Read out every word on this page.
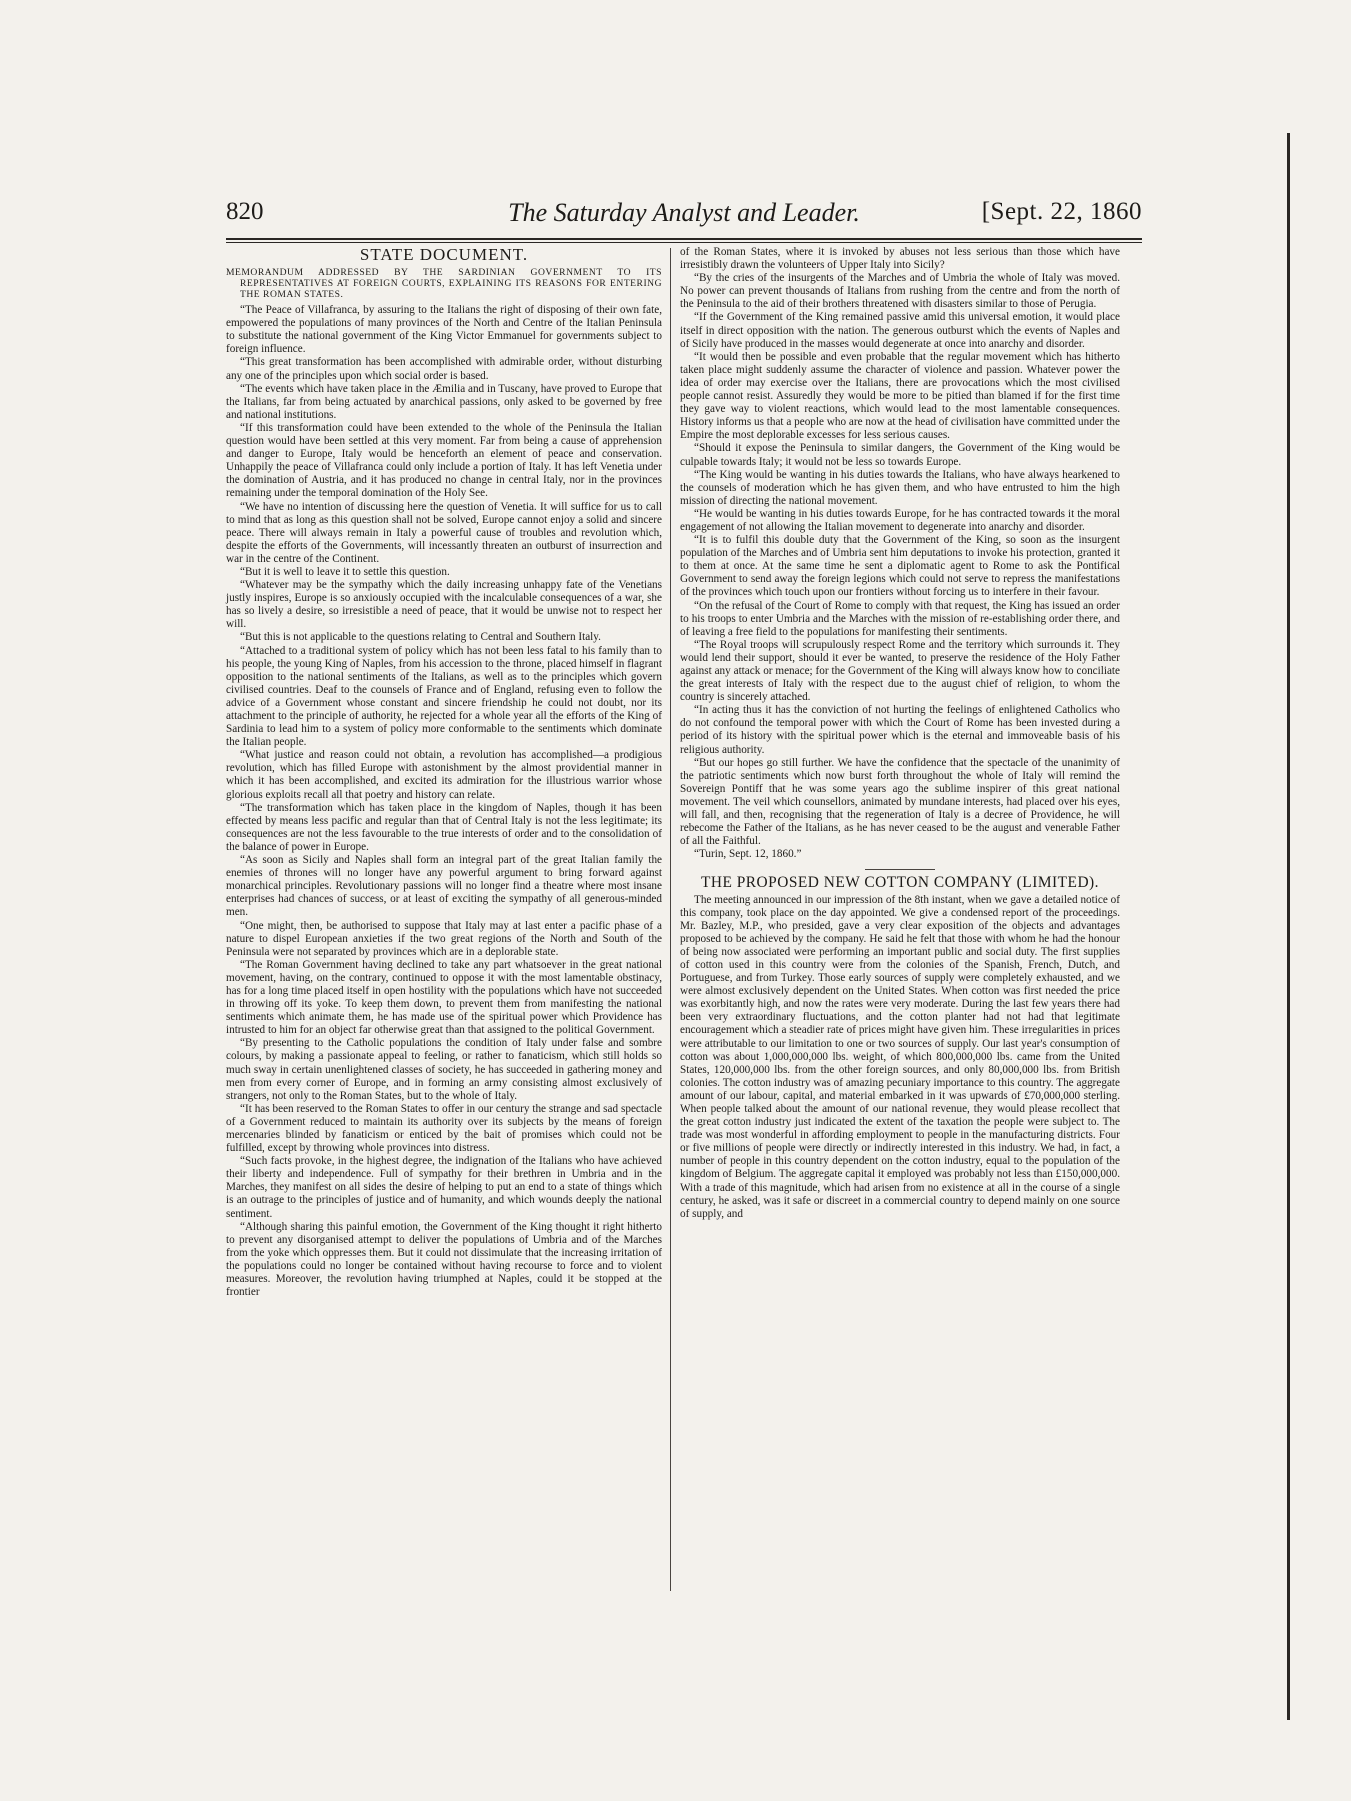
820	The Saturday Analyst and Leader.	[Sept. 22, 1860
STATE DOCUMENT.
MEMORANDUM ADDRESSED BY THE SARDINIAN GOVERNMENT TO ITS REPRESENTATIVES AT FOREIGN COURTS, EXPLAINING ITS REASONS FOR ENTERING THE ROMAN STATES.

“The Peace of Villafranca, by assuring to the Italians the right of disposing of their own fate, empowered the populations of many provinces of the North and Centre of the Italian Peninsula to substitute the national government of the King Victor Emmanuel for governments subject to foreign influence.

“This great transformation has been accomplished with admirable order, without disturbing any one of the principles upon which social order is based.

“The events which have taken place in the Æmilia and in Tuscany, have proved to Europe that the Italians, far from being actuated by anarchical passions, only asked to be governed by free and national institutions.

“If this transformation could have been extended to the whole of the Peninsula the Italian question would have been settled at this very moment. Far from being a cause of apprehension and danger to Europe, Italy would be henceforth an element of peace and conservation. Unhappily the peace of Villafranca could only include a portion of Italy. It has left Venetia under the domination of Austria, and it has produced no change in central Italy, nor in the provinces remaining under the temporal domination of the Holy See.

“We have no intention of discussing here the question of Venetia. It will suffice for us to call to mind that as long as this question shall not be solved, Europe cannot enjoy a solid and sincere peace. There will always remain in Italy a powerful cause of troubles and revolution which, despite the efforts of the Governments, will incessantly threaten an outburst of insurrection and war in the centre of the Continent.

“But it is well to leave it to settle this question.

“Whatever may be the sympathy which the daily increasing unhappy fate of the Venetians justly inspires, Europe is so anxiously occupied with the incalculable consequences of a war, she has so lively a desire, so irresistible a need of peace, that it would be unwise not to respect her will.

“But this is not applicable to the questions relating to Central and Southern Italy.

“Attached to a traditional system of policy which has not been less fatal to his family than to his people, the young King of Naples, from his accession to the throne, placed himself in flagrant opposition to the national sentiments of the Italians, as well as to the principles which govern civilised countries. Deaf to the counsels of France and of England, refusing even to follow the advice of a Government whose constant and sincere friendship he could not doubt, nor its attachment to the principle of authority, he rejected for a whole year all the efforts of the King of Sardinia to lead him to a system of policy more conformable to the sentiments which dominate the Italian people.

“What justice and reason could not obtain, a revolution has accomplished—a prodigious revolution, which has filled Europe with astonishment by the almost providential manner in which it has been accomplished, and excited its admiration for the illustrious warrior whose glorious exploits recall all that poetry and history can relate.

“The transformation which has taken place in the kingdom of Naples, though it has been effected by means less pacific and regular than that of Central Italy is not the less legitimate; its consequences are not the less favourable to the true interests of order and to the consolidation of the balance of power in Europe.

“As soon as Sicily and Naples shall form an integral part of the great Italian family the enemies of thrones will no longer have any powerful argument to bring forward against monarchical principles. Revolutionary passions will no longer find a theatre where most insane enterprises had chances of success, or at least of exciting the sympathy of all generous-minded men.

“One might, then, be authorised to suppose that Italy may at last enter a pacific phase of a nature to dispel European anxieties if the two great regions of the North and South of the Peninsula were not separated by provinces which are in a deplorable state.

“The Roman Government having declined to take any part whatsoever in the great national movement, having, on the contrary, continued to oppose it with the most lamentable obstinacy, has for a long time placed itself in open hostility with the populations which have not succeeded in throwing off its yoke. To keep them down, to prevent them from manifesting the national sentiments which animate them, he has made use of the spiritual power which Providence has intrusted to him for an object far otherwise great than that assigned to the political Government.

“By presenting to the Catholic populations the condition of Italy under false and sombre colours, by making a passionate appeal to feeling, or rather to fanaticism, which still holds so much sway in certain unenlightened classes of society, he has succeeded in gathering money and men from every corner of Europe, and in forming an army consisting almost exclusively of strangers, not only to the Roman States, but to the whole of Italy.

“It has been reserved to the Roman States to offer in our century the strange and sad spectacle of a Government reduced to maintain its authority over its subjects by the means of foreign mercenaries blinded by fanaticism or enticed by the bait of promises which could not be fulfilled, except by throwing whole provinces into distress.

“Such facts provoke, in the highest degree, the indignation of the Italians who have achieved their liberty and independence. Full of sympathy for their brethren in Umbria and in the Marches, they manifest on all sides the desire of helping to put an end to a state of things which is an outrage to the principles of justice and of humanity, and which wounds deeply the national sentiment.

“Although sharing this painful emotion, the Government of the King thought it right hitherto to prevent any disorganised attempt to deliver the populations of Umbria and of the Marches from the yoke which oppresses them. But it could not dissimulate that the increasing irritation of the populations could no longer be contained without having recourse to force and to violent measures. Moreover, the revolution having triumphed at Naples, could it be stopped at the frontier

of the Roman States, where it is invoked by abuses not less serious than those which have irresistibly drawn the volunteers of Upper Italy into Sicily?

“By the cries of the insurgents of the Marches and of Umbria the whole of Italy was moved. No power can prevent thousands of Italians from rushing from the centre and from the north of the Peninsula to the aid of their brothers threatened with disasters similar to those of Perugia.

“If the Government of the King remained passive amid this universal emotion, it would place itself in direct opposition with the nation. The generous outburst which the events of Naples and of Sicily have produced in the masses would degenerate at once into anarchy and disorder.

“It would then be possible and even probable that the regular movement which has hitherto taken place might suddenly assume the character of violence and passion. Whatever power the idea of order may exercise over the Italians, there are provocations which the most civilised people cannot resist. Assuredly they would be more to be pitied than blamed if for the first time they gave way to violent reactions, which would lead to the most lamentable consequences. History informs us that a people who are now at the head of civilisation have committed under the Empire the most deplorable excesses for less serious causes.

“Should it expose the Peninsula to similar dangers, the Government of the King would be culpable towards Italy; it would not be less so towards Europe.

“The King would be wanting in his duties towards the Italians, who have always hearkened to the counsels of moderation which he has given them, and who have entrusted to him the high mission of directing the national movement.

“He would be wanting in his duties towards Europe, for he has contracted towards it the moral engagement of not allowing the Italian movement to degenerate into anarchy and disorder.

“It is to fulfil this double duty that the Government of the King, so soon as the insurgent population of the Marches and of Umbria sent him deputations to invoke his protection, granted it to them at once. At the same time he sent a diplomatic agent to Rome to ask the Pontifical Government to send away the foreign legions which could not serve to repress the manifestations of the provinces which touch upon our frontiers without forcing us to interfere in their favour.

“On the refusal of the Court of Rome to comply with that request, the King has issued an order to his troops to enter Umbria and the Marches with the mission of re-establishing order there, and of leaving a free field to the populations for manifesting their sentiments.

“The Royal troops will scrupulously respect Rome and the territory which surrounds it. They would lend their support, should it ever be wanted, to preserve the residence of the Holy Father against any attack or menace; for the Government of the King will always know how to conciliate the great interests of Italy with the respect due to the august chief of religion, to whom the country is sincerely attached.

“In acting thus it has the conviction of not hurting the feelings of enlightened Catholics who do not confound the temporal power with which the Court of Rome has been invested during a period of its history with the spiritual power which is the eternal and immoveable basis of his religious authority.

“But our hopes go still further. We have the confidence that the spectacle of the unanimity of the patriotic sentiments which now burst forth throughout the whole of Italy will remind the Sovereign Pontiff that he was some years ago the sublime inspirer of this great national movement. The veil which counsellors, animated by mundane interests, had placed over his eyes, will fall, and then, recognising that the regeneration of Italy is a decree of Providence, he will rebecome the Father of the Italians, as he has never ceased to be the august and venerable Father of all the Faithful.

“Turin, Sept. 12, 1860.”

THE PROPOSED NEW COTTON COMPANY (LIMITED).

The meeting announced in our impression of the 8th instant, when we gave a detailed notice of this company, took place on the day appointed. We give a condensed report of the proceedings. Mr. Bazley, M.P., who presided, gave a very clear exposition of the objects and advantages proposed to be achieved by the company. He said he felt that those with whom he had the honour of being now associated were performing an important public and social duty. The first supplies of cotton used in this country were from the colonies of the Spanish, French, Dutch, and Portuguese, and from Turkey. Those early sources of supply were completely exhausted, and we were almost exclusively dependent on the United States. When cotton was first needed the price was exorbitantly high, and now the rates were very moderate. During the last few years there had been very extraordinary fluctuations, and the cotton planter had not had that legitimate encouragement which a steadier rate of prices might have given him. These irregularities in prices were attributable to our limitation to one or two sources of supply. Our last year's consumption of cotton was about 1,000,000,000 lbs. weight, of which 800,000,000 lbs. came from the United States, 120,000,000 lbs. from the other foreign sources, and only 80,000,000 lbs. from British colonies. The cotton industry was of amazing pecuniary importance to this country. The aggregate amount of our labour, capital, and material embarked in it was upwards of £70,000,000 sterling. When people talked about the amount of our national revenue, they would please recollect that the great cotton industry just indicated the extent of the taxation the people were subject to. The trade was most wonderful in affording employment to people in the manufacturing districts. Four or five millions of people were directly or indirectly interested in this industry. We had, in fact, a number of people in this country dependent on the cotton industry, equal to the population of the kingdom of Belgium. The aggregate capital it employed was probably not less than £150,000,000. With a trade of this magnitude, which had arisen from no existence at all in the course of a single century, he asked, was it safe or discreet in a commercial country to depend mainly on one source of supply, and
